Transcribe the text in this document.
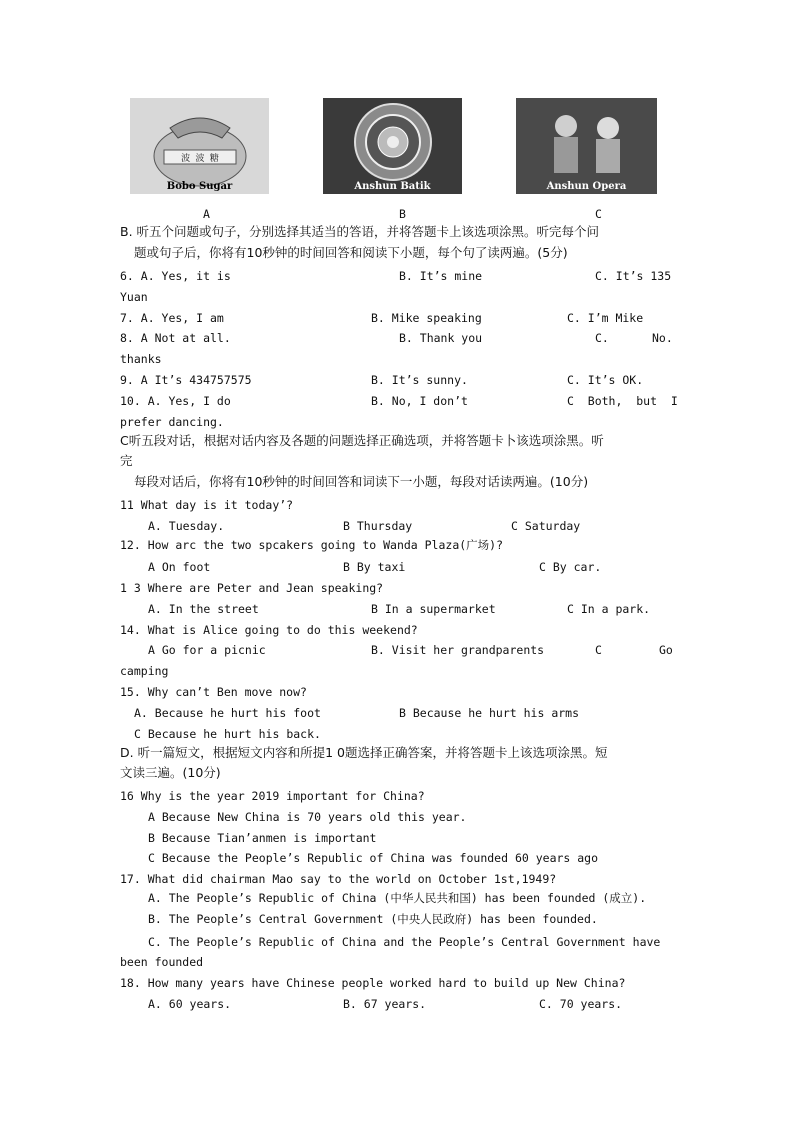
波 波 糖
Bobo Sugar	Anshun Batik	Anshun Opera
A	B	C
B. 听五个问题或句子，分别选择其适当的答语，并将答题卡上该选项涂黑。听完每个问
题或句子后，你将有10秒钟的时间回答和阅读下小题，每个句了读两遍。(5分)
6. A. Yes, it is	B. It’s mine	C. It’s 135
Yuan
7. A. Yes, I am	B. Mike speaking	C. I’m Mike
8. A Not at all.	B. Thank you	C.	No.
thanks
9. A It’s 434757575	B. It’s sunny.	C. It’s OK.
10. A. Yes, I do	B. No, I don’t	C  Both,  but  I
prefer dancing.
C听五段对话，根据对话内容及各题的问题选择正确选项，并将答题卡卜该选项涂黑。听
完
每段对话后，你将有10秒钟的时间回答和词读下一小题，每段对话读两遍。(10分)
11 What day is it today’?
A. Tuesday.	B Thursday	C Saturday
12. How arc the two spcakers going to Wanda Plaza(广场)?
A On foot	B By taxi	C By car.
1 3 Where are Peter and Jean speaking?
A. In the street	B In a supermarket	C In a park.
14. What is Alice going to do this weekend?
A Go for a picnic	B. Visit her grandparents	C	Go
camping
15. Why can’t Ben move now?
A. Because he hurt his foot	B Because he hurt his arms
C Because he hurt his back.
D. 听一篇短文，根据短文内容和所提1 0题选择正确答案，并将答题卡上该选项涂黑。短
文读三遍。(10分)
16 Why is the year 2019 important for China?
A Because New China is 70 years old this year.
B Because Tian’anmen is important
C Because the People’s Republic of China was founded 60 years ago
17. What did chairman Mao say to the world on October 1st,1949?
A. The People’s Republic of China (中华人民共和国) has been founded (成立).
B. The People’s Central Government (中央人民政府) has been founded.
C. The People’s Republic of China and the People’s Central Government have
been founded
18. How many years have Chinese people worked hard to build up New China?
A. 60 years.	B. 67 years.	C. 70 years.
